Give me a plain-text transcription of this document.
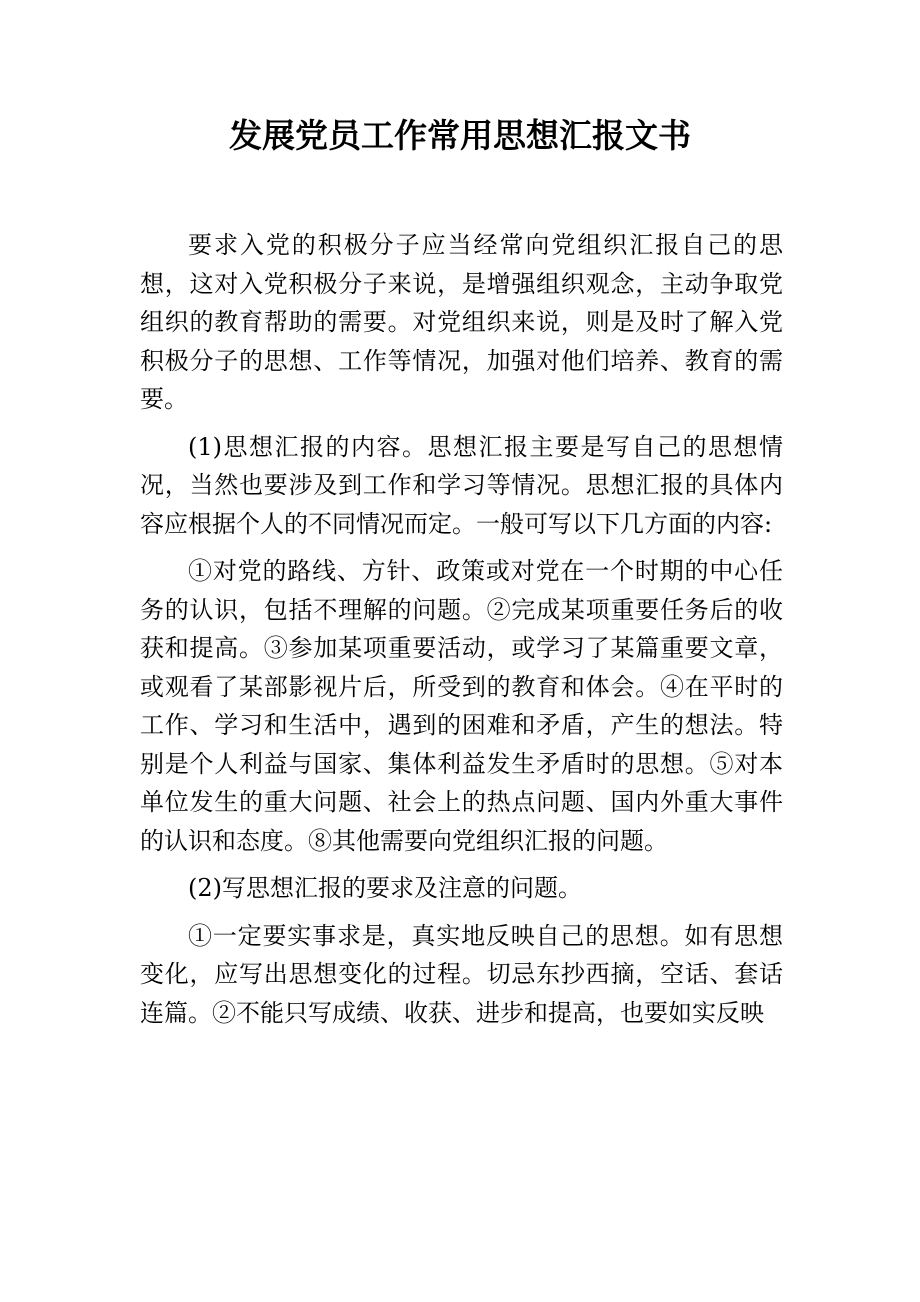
发展党员工作常用思想汇报文书

要求入党的积极分子应当经常向党组织汇报自己的思想，这对入党积极分子来说，是增强组织观念，主动争取党组织的教育帮助的需要。对党组织来说，则是及时了解入党积极分子的思想、工作等情况，加强对他们培养、教育的需要。

(1)思想汇报的内容。思想汇报主要是写自己的思想情况，当然也要涉及到工作和学习等情况。思想汇报的具体内容应根据个人的不同情况而定。一般可写以下几方面的内容:

①对党的路线、方针、政策或对党在一个时期的中心任务的认识，包括不理解的问题。②完成某项重要任务后的收获和提高。③参加某项重要活动，或学习了某篇重要文章，或观看了某部影视片后，所受到的教育和体会。④在平时的工作、学习和生活中，遇到的困难和矛盾，产生的想法。特别是个人利益与国家、集体利益发生矛盾时的思想。⑤对本单位发生的重大问题、社会上的热点问题、国内外重大事件的认识和态度。⑧其他需要向党组织汇报的问题。

(2)写思想汇报的要求及注意的问题。

①一定要实事求是，真实地反映自己的思想。如有思想变化，应写出思想变化的过程。切忌东抄西摘，空话、套话连篇。②不能只写成绩、收获、进步和提高，也要如实反映
